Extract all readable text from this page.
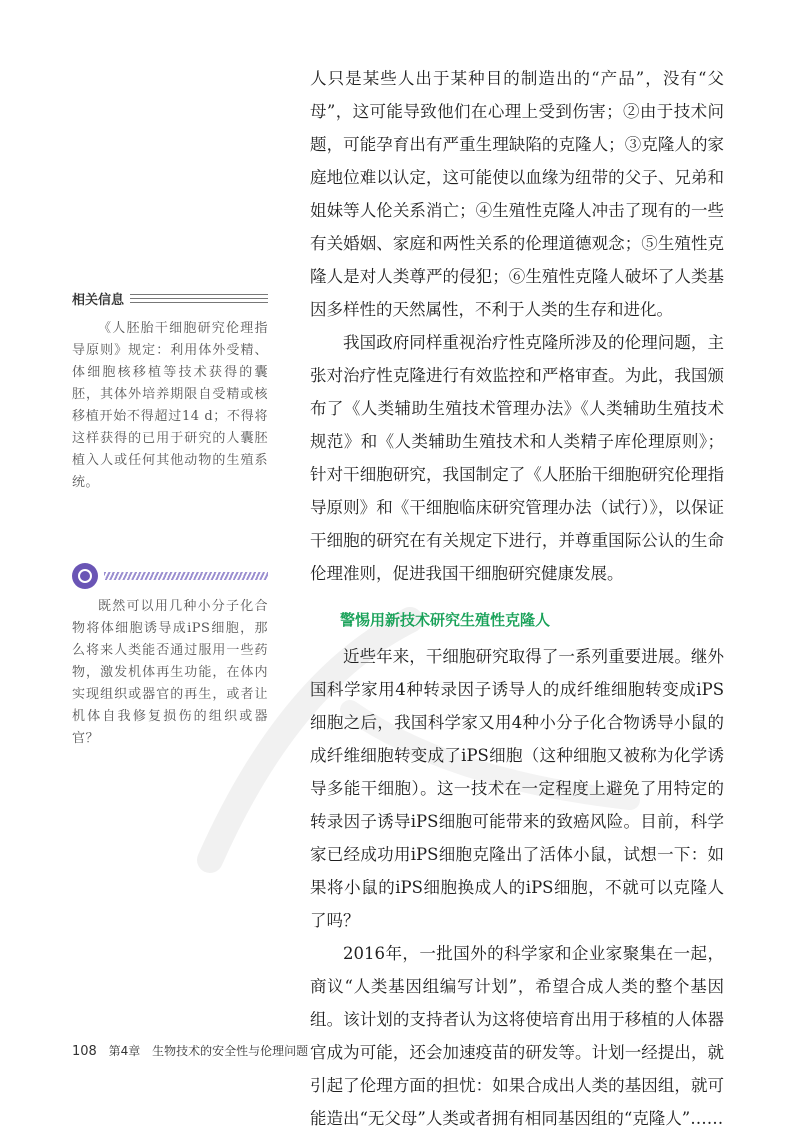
相关信息

《人胚胎干细胞研究伦理指导原则》规定：利用体外受精、体细胞核移植等技术获得的囊胚，其体外培养期限自受精或核移植开始不得超过14 d；不得将这样获得的已用于研究的人囊胚植入人或任何其他动物的生殖系统。

既然可以用几种小分子化合物将体细胞诱导成iPS细胞，那么将来人类能否通过服用一些药物，激发机体再生功能，在体内实现组织或器官的再生，或者让机体自我修复损伤的组织或器官？

人只是某些人出于某种目的制造出的“产品”，没有“父母”，这可能导致他们在心理上受到伤害；②由于技术问题，可能孕育出有严重生理缺陷的克隆人；③克隆人的家庭地位难以认定，这可能使以血缘为纽带的父子、兄弟和姐妹等人伦关系消亡；④生殖性克隆人冲击了现有的一些有关婚姻、家庭和两性关系的伦理道德观念；⑤生殖性克隆人是对人类尊严的侵犯；⑥生殖性克隆人破坏了人类基因多样性的天然属性，不利于人类的生存和进化。

我国政府同样重视治疗性克隆所涉及的伦理问题，主张对治疗性克隆进行有效监控和严格审查。为此，我国颁布了《人类辅助生殖技术管理办法》《人类辅助生殖技术规范》和《人类辅助生殖技术和人类精子库伦理原则》；针对干细胞研究，我国制定了《人胚胎干细胞研究伦理指导原则》和《干细胞临床研究管理办法（试行）》，以保证干细胞的研究在有关规定下进行，并尊重国际公认的生命伦理准则，促进我国干细胞研究健康发展。

警惕用新技术研究生殖性克隆人

近些年来，干细胞研究取得了一系列重要进展。继外国科学家用4种转录因子诱导人的成纤维细胞转变成iPS细胞之后，我国科学家又用4种小分子化合物诱导小鼠的成纤维细胞转变成了iPS细胞（这种细胞又被称为化学诱导多能干细胞）。这一技术在一定程度上避免了用特定的转录因子诱导iPS细胞可能带来的致癌风险。目前，科学家已经成功用iPS细胞克隆出了活体小鼠，试想一下：如果将小鼠的iPS细胞换成人的iPS细胞，不就可以克隆人了吗？

2016年，一批国外的科学家和企业家聚集在一起，商议“人类基因组编写计划”，希望合成人类的整个基因组。该计划的支持者认为这将使培育出用于移植的人体器官成为可能，还会加速疫苗的研发等。计划一经提出，就引起了伦理方面的担忧：如果合成出人类的基因组，就可能造出“无父母”人类或者拥有相同基因组的“克隆人”……

108 第4章 生物技术的安全性与伦理问题
